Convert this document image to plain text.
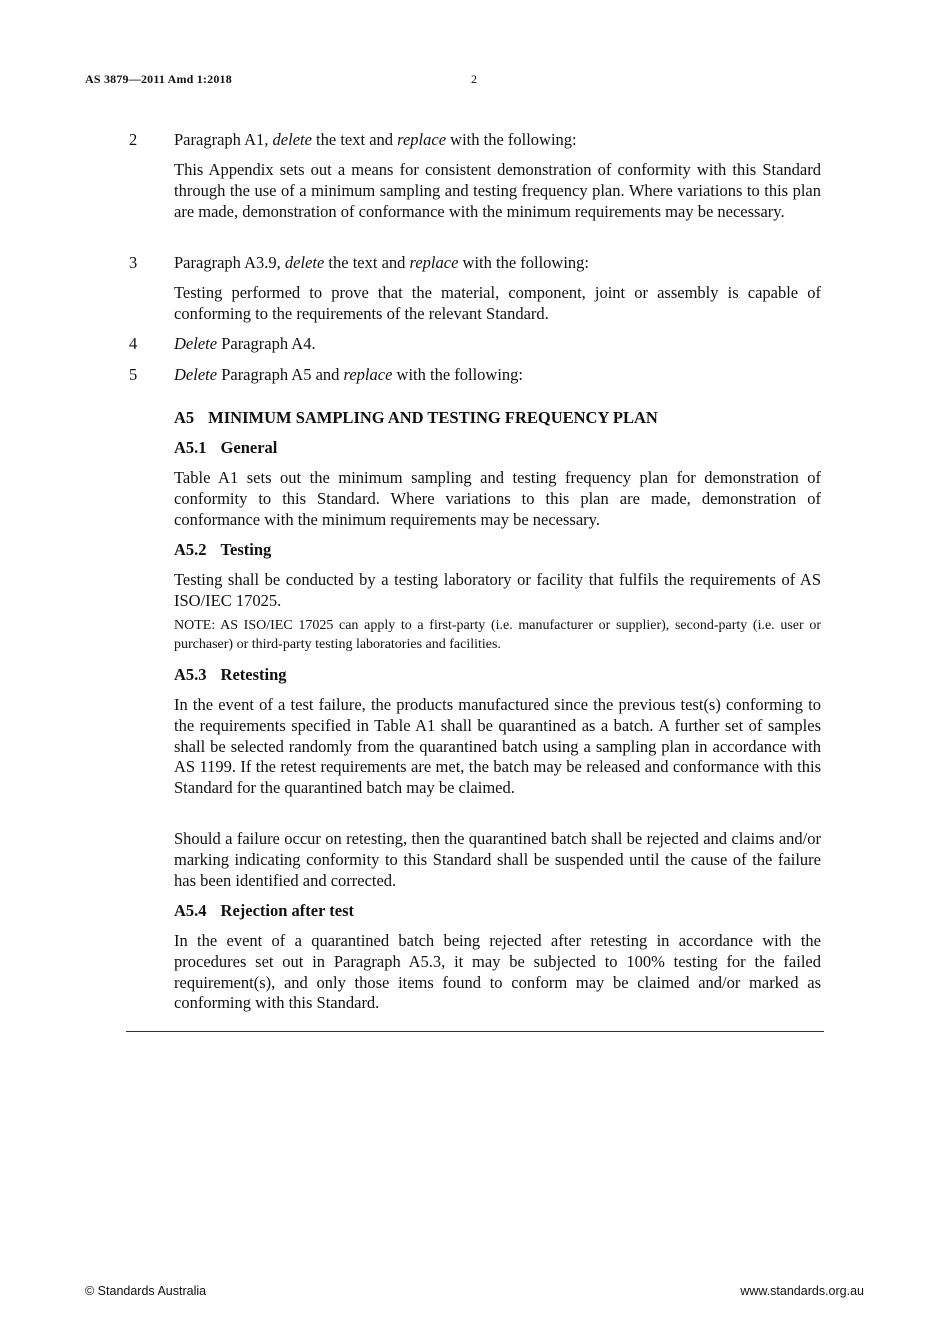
AS 3879—2011 Amd 1:2018	2
2 Paragraph A1, delete the text and replace with the following:

This Appendix sets out a means for consistent demonstration of conformity with this Standard through the use of a minimum sampling and testing frequency plan. Where variations to this plan are made, demonstration of conformance with the minimum requirements may be necessary.

3 Paragraph A3.9, delete the text and replace with the following:

Testing performed to prove that the material, component, joint or assembly is capable of conforming to the requirements of the relevant Standard.

4 Delete Paragraph A4.
5 Delete Paragraph A5 and replace with the following:
A5 MINIMUM SAMPLING AND TESTING FREQUENCY PLAN
A5.1 General

Table A1 sets out the minimum sampling and testing frequency plan for demonstration of conformity to this Standard. Where variations to this plan are made, demonstration of conformance with the minimum requirements may be necessary.

A5.2 Testing

Testing shall be conducted by a testing laboratory or facility that fulfils the requirements of AS ISO/IEC 17025.

NOTE: AS ISO/IEC 17025 can apply to a first-party (i.e. manufacturer or supplier), second-party (i.e. user or purchaser) or third-party testing laboratories and facilities.

A5.3 Retesting

In the event of a test failure, the products manufactured since the previous test(s) conforming to the requirements specified in Table A1 shall be quarantined as a batch. A further set of samples shall be selected randomly from the quarantined batch using a sampling plan in accordance with AS 1199. If the retest requirements are met, the batch may be released and conformance with this Standard for the quarantined batch may be claimed.

Should a failure occur on retesting, then the quarantined batch shall be rejected and claims and/or marking indicating conformity to this Standard shall be suspended until the cause of the failure has been identified and corrected.

A5.4 Rejection after test

In the event of a quarantined batch being rejected after retesting in accordance with the procedures set out in Paragraph A5.3, it may be subjected to 100% testing for the failed requirement(s), and only those items found to conform may be claimed and/or marked as conforming with this Standard.

© Standards Australia	www.standards.org.au
